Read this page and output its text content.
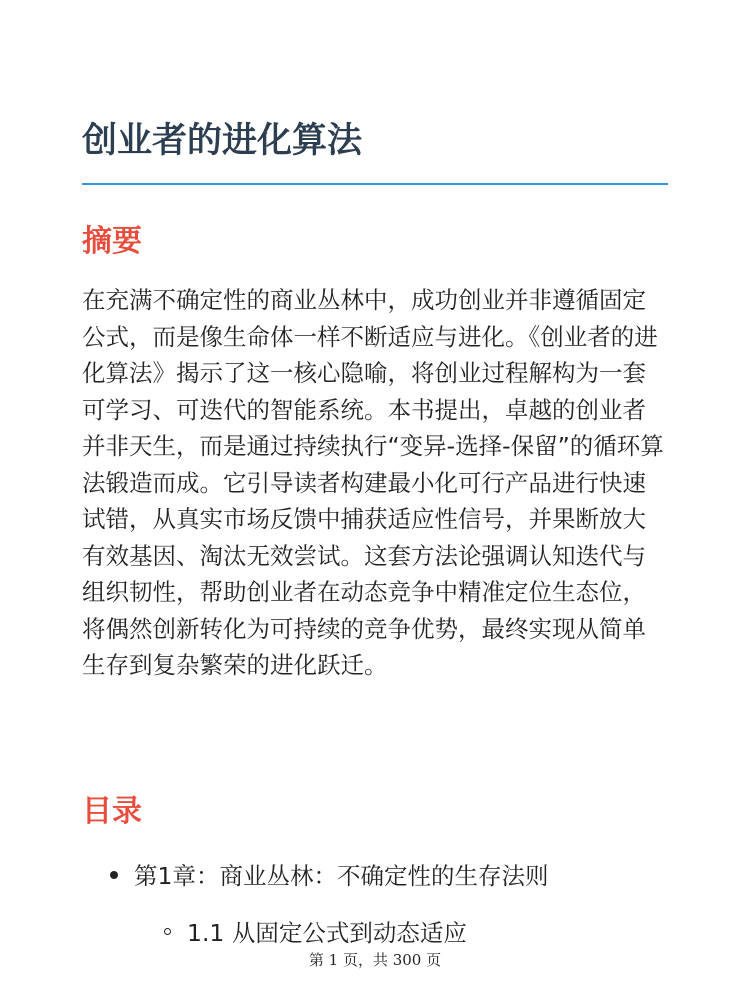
创业者的进化算法
摘要

在充满不确定性的商业丛林中，成功创业并非遵循固定公式，而是像生命体一样不断适应与进化。《创业者的进化算法》揭示了这一核心隐喻，将创业过程解构为一套可学习、可迭代的智能系统。本书提出，卓越的创业者并非天生，而是通过持续执行“变异-选择-保留”的循环算法锻造而成。它引导读者构建最小化可行产品进行快速试错，从真实市场反馈中捕获适应性信号，并果断放大有效基因、淘汰无效尝试。这套方法论强调认知迭代与组织韧性，帮助创业者在动态竞争中精准定位生态位，将偶然创新转化为可持续的竞争优势，最终实现从简单生存到复杂繁荣的进化跃迁。

目录
第1章：商业丛林：不确定性的生存法则
1.1 从固定公式到动态适应
第 1 页，共 300 页
